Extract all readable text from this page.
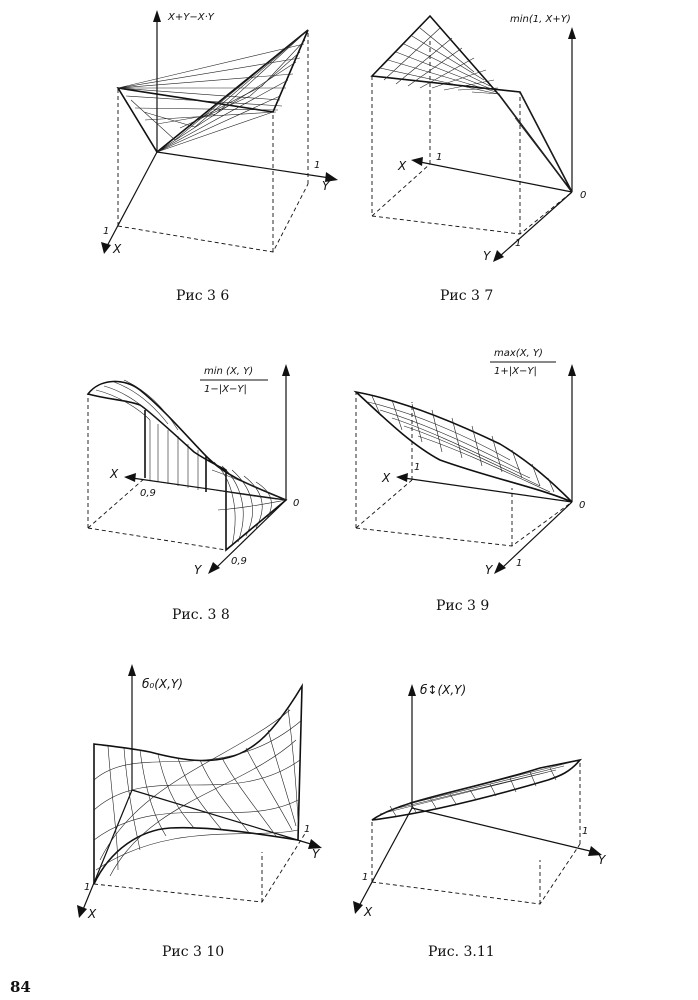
X+Y−X·Y
Y
X
1
1
Рис 3 6
min(1, X+Y)
X
Y
1
1
0
Рис 3 7
min (X, Y)
1−|X−Y|
X
Y
0,9
0,9
0
Рис. 3 8
max(X, Y)
1+|X−Y|
X
Y
1
1
0
Рис 3 9
б₀(X,Y)
Y
X
1
1
Рис 3 10
б↕(X,Y)
Y
X
1
1
Рис. 3.11
84
